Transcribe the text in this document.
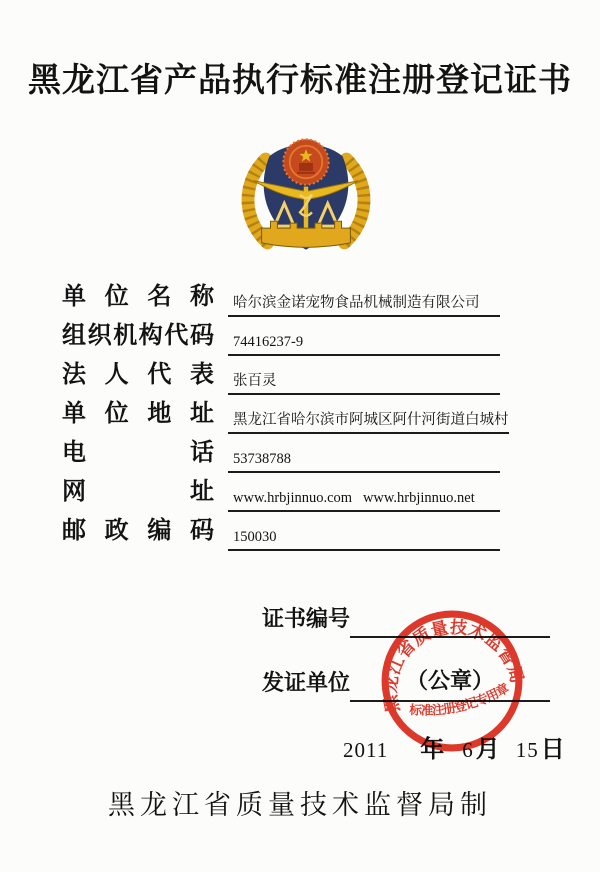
黑龙江省产品执行标准注册登记证书
单位名称	哈尔滨金诺宠物食品机械制造有限公司
组织机构代码	74416237-9
法人代表	张百灵
单位地址	黑龙江省哈尔滨市阿城区阿什河街道白城村
电话	53738788
网址	www.hrbjinnuo.com   www.hrbjinnuo.net
邮政编码	150030
证书编号
发证单位	（公章）
2011 年 6月 15日
黑龙江省质量技术监督局
标准注册登记专用章
黑龙江省质量技术监督局制
